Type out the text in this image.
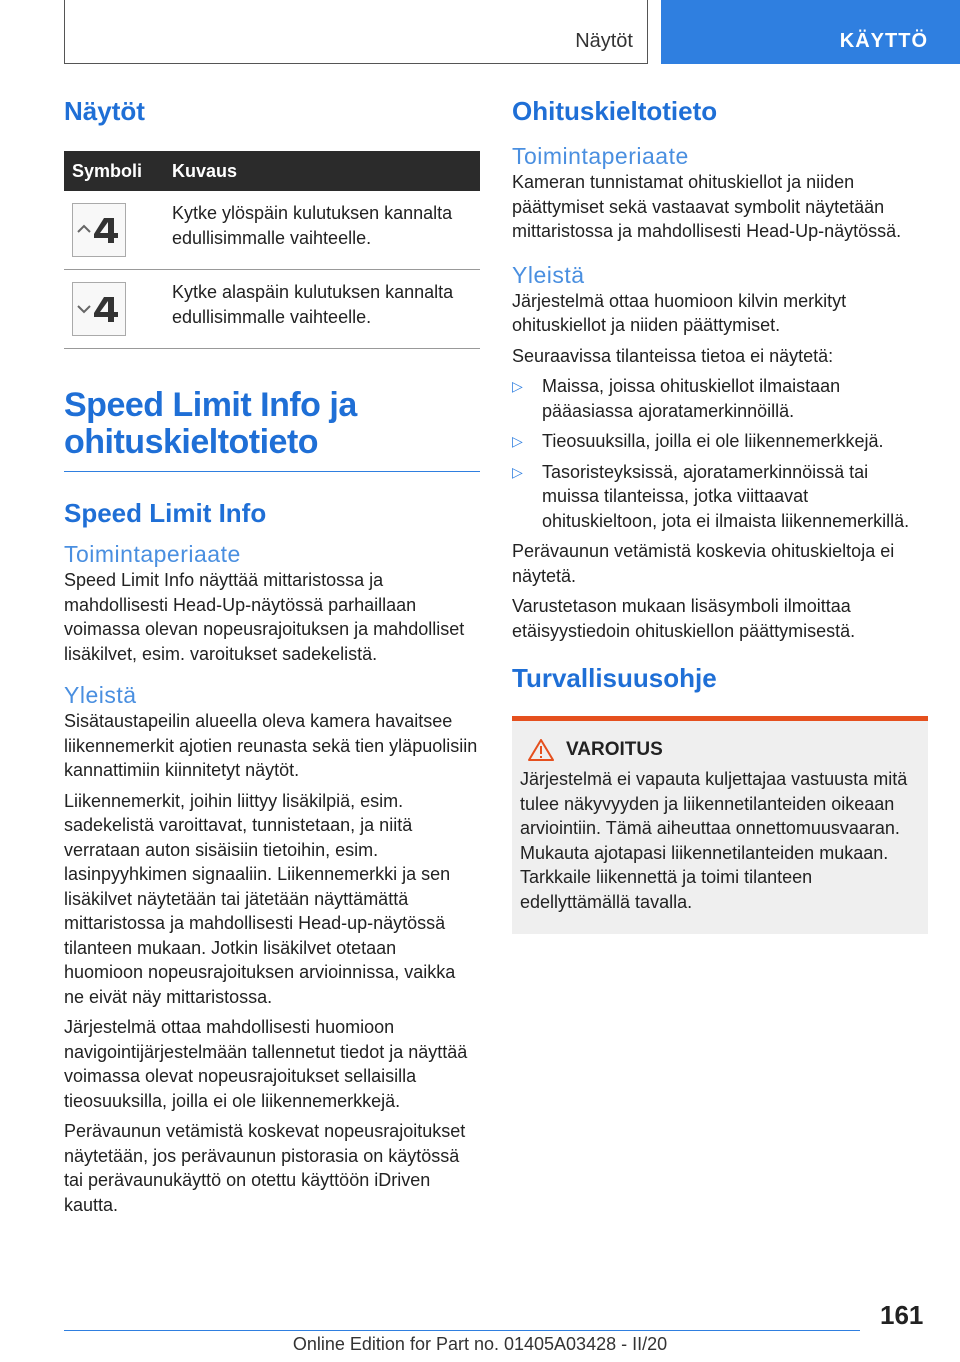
Näytöt	KÄYTTÖ
Näytöt
Symboli	Kuvaus

	Kytke ylöspäin kulutuksen kannalta edullisimmalle vaihteelle.

	Kytke alaspäin kulutuksen kannalta edullisimmalle vaihteelle.
Speed Limit Info ja ohituskieltotieto
Speed Limit Info
Toimintaperiaate

Speed Limit Info näyttää mittaristossa ja mahdollisesti Head-Up-näytössä parhaillaan voimassa olevan nopeusrajoituksen ja mahdolliset lisäkilvet, esim. varoitukset sadekelistä.

Yleistä

Sisätaustapeilin alueella oleva kamera havaitsee liikennemerkit ajotien reunasta sekä tien yläpuolisiin kannattimiin kiinnitetyt näytöt.

Liikennemerkit, joihin liittyy lisäkilpiä, esim. sadekelistä varoittavat, tunnistetaan, ja niitä verrataan auton sisäisiin tietoihin, esim. lasinpyyhkimen signaaliin. Liikennemerkki ja sen lisäkilvet näytetään tai jätetään näyttämättä mittaristossa ja mahdollisesti Head-up-näytössä tilanteen mukaan. Jotkin lisäkilvet otetaan huomioon nopeusrajoituksen arvioinnissa, vaikka ne eivät näy mittaristossa.

Järjestelmä ottaa mahdollisesti huomioon navigointijärjestelmään tallennetut tiedot ja näyttää voimassa olevat nopeusrajoitukset sellaisilla tieosuuksilla, joilla ei ole liikennemerkkejä.

Perävaunun vetämistä koskevat nopeusrajoitukset näytetään, jos perävaunun pistorasia on käytössä tai perävaunukäyttö on otettu käyttöön iDriven kautta.

Ohituskieltotieto
Toimintaperiaate

Kameran tunnistamat ohituskiellot ja niiden päättymiset sekä vastaavat symbolit näytetään mittaristossa ja mahdollisesti Head-Up-näytössä.

Yleistä

Järjestelmä ottaa huomioon kilvin merkityt ohituskiellot ja niiden päättymiset.

Seuraavissa tilanteissa tietoa ei näytetä:

▷ Maissa, joissa ohituskiellot ilmaistaan pääasiassa ajoratamerkinnöillä.
▷ Tieosuuksilla, joilla ei ole liikennemerkkejä.
▷ Tasoristeyksissä, ajoratamerkinnöissä tai muissa tilanteissa, jotka viittaavat ohituskieltoon, jota ei ilmaista liikennemerkillä.

Perävaunun vetämistä koskevia ohituskieltoja ei näytetä.

Varustetason mukaan lisäsymboli ilmoittaa etäisyystiedoin ohituskiellon päättymisestä.

Turvallisuusohje
VAROITUS

Järjestelmä ei vapauta kuljettajaa vastuusta mitä tulee näkyvyyden ja liikennetilanteiden oikeaan arviointiin. Tämä aiheuttaa onnettomuusvaaran. Mukauta ajotapasi liikennetilanteiden mukaan. Tarkkaile liikennettä ja toimi tilanteen edellyttämällä tavalla.

161
Online Edition for Part no. 01405A03428 - II/20
